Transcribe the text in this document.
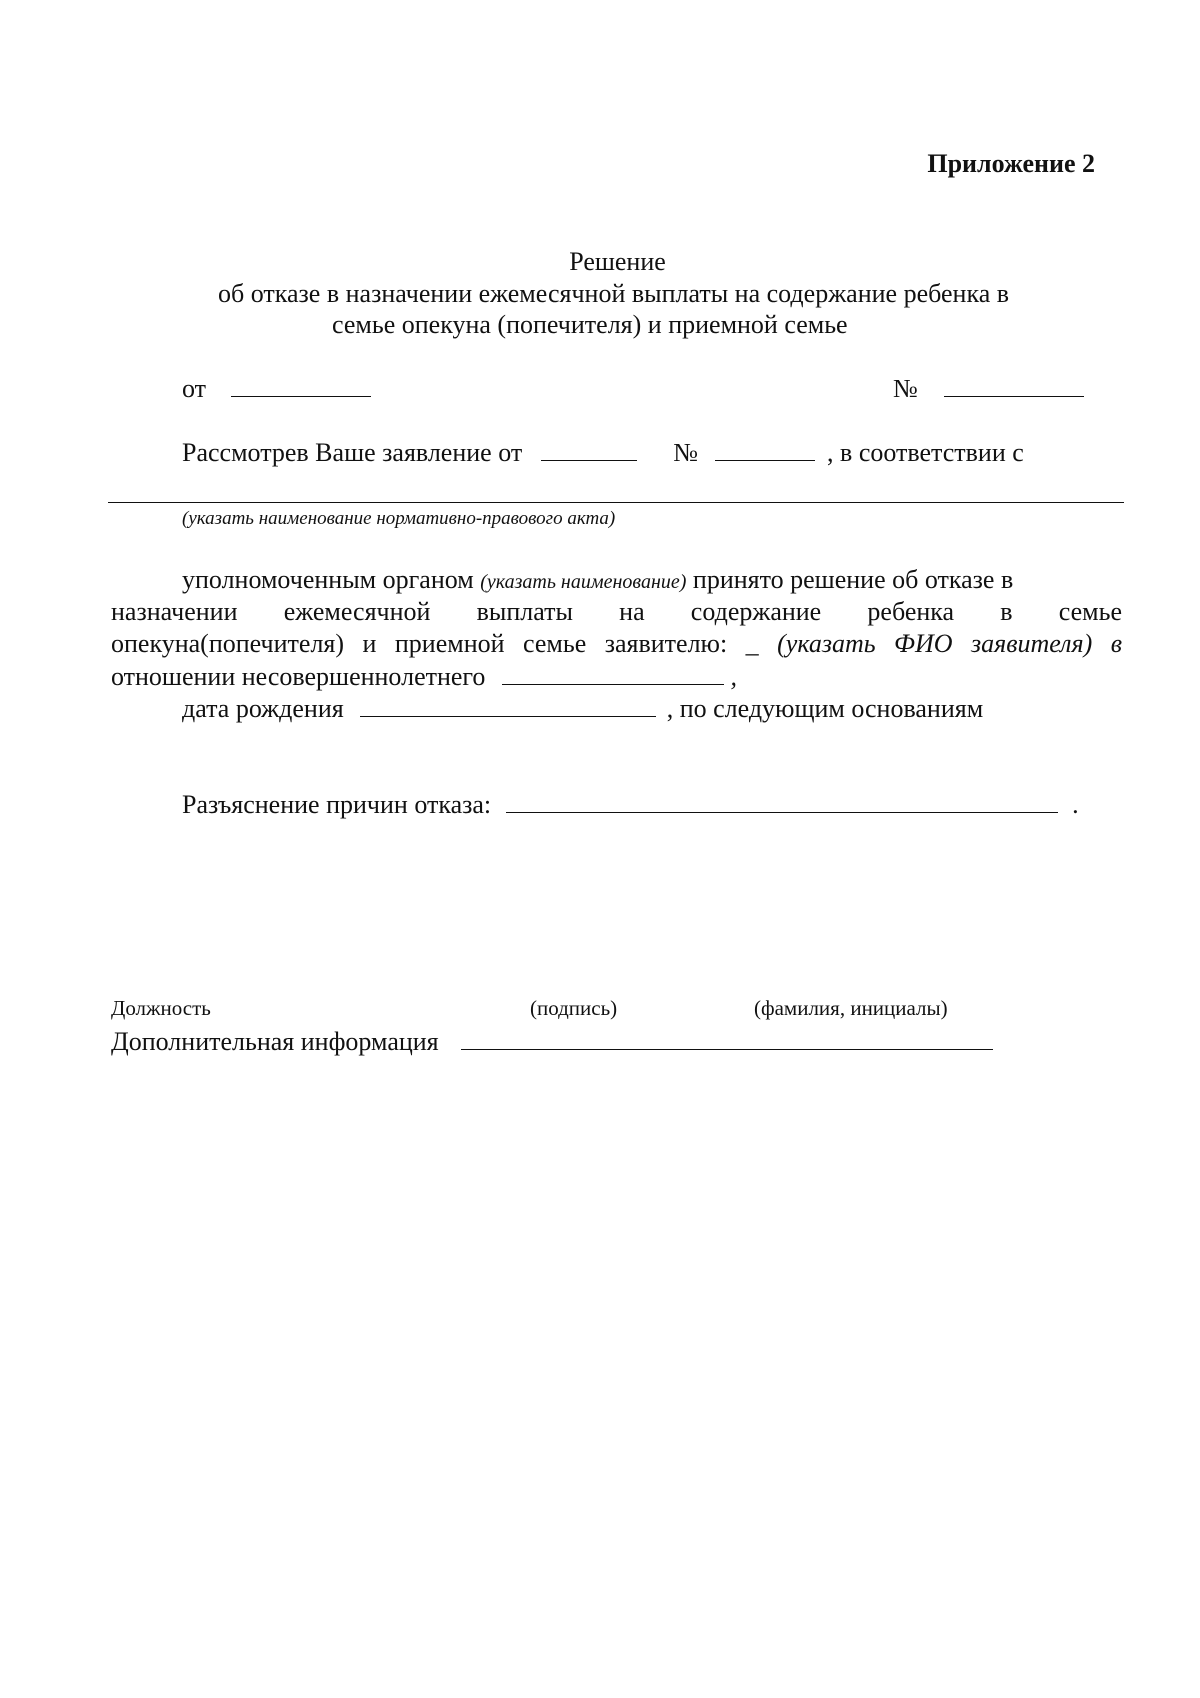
Приложение 2
Решение
об отказе в назначении ежемесячной выплаты на содержание ребенка в
семье опекуна (попечителя) и приемной семье
от	№
Рассмотрев Ваше заявление от	№	, в соответствии с
(указать наименование нормативно-правового акта)
уполномоченным органом (указать наименование) принято решение об отказе в
назначении ежемесячной выплаты на содержание ребенка в семье
опекуна(попечителя) и приемной семье заявителю: _ (указать ФИО заявителя) в
отношении несовершеннолетнего	,
дата рождения	, по следующим основаниям
Разъяснение причин отказа:	.
Должность	(подпись)	(фамилия, инициалы)
Дополнительная информация
